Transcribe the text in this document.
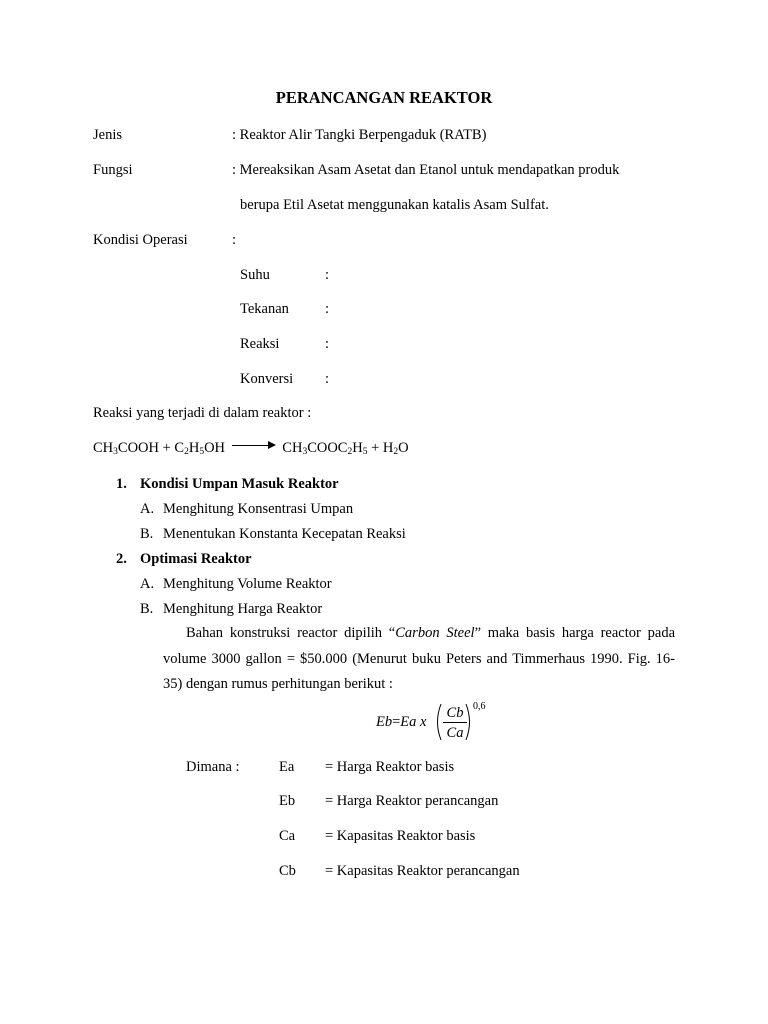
PERANCANGAN REAKTOR
Jenis	: Reaktor Alir Tangki Berpengaduk (RATB)
Fungsi	: Mereaksikan Asam Asetat dan Etanol untuk mendapatkan produk
berupa Etil Asetat menggunakan katalis Asam Sulfat.
Kondisi Operasi	:
Suhu	:
Tekanan :
Reaksi	:
Konversi :
Reaksi yang terjadi di dalam reaktor :
$CH_3COOH + C_2H_5OH$	$CH_3COOC_2H_5 + H_2O$
1. Kondisi Umpan Masuk Reaktor
A. Menghitung Konsentrasi Umpan
B. Menentukan Konstanta Kecepatan Reaksi
2. Optimasi Reaktor
A. Menghitung Volume Reaktor
B. Menghitung Harga Reaktor
Bahan konstruksi reactor dipilih “Carbon Steel” maka basis harga reactor pada volume 3000 gallon = $50.000 (Menurut buku Peters and Timmerhaus 1990. Fig. 16-35) dengan rumus perhitungan berikut :
Eb=Ea x
Cb
Ca
0,6
Dimana :	Ea = Harga Reaktor basis
Eb = Harga Reaktor perancangan
Ca = Kapasitas Reaktor basis
Cb = Kapasitas Reaktor perancangan
